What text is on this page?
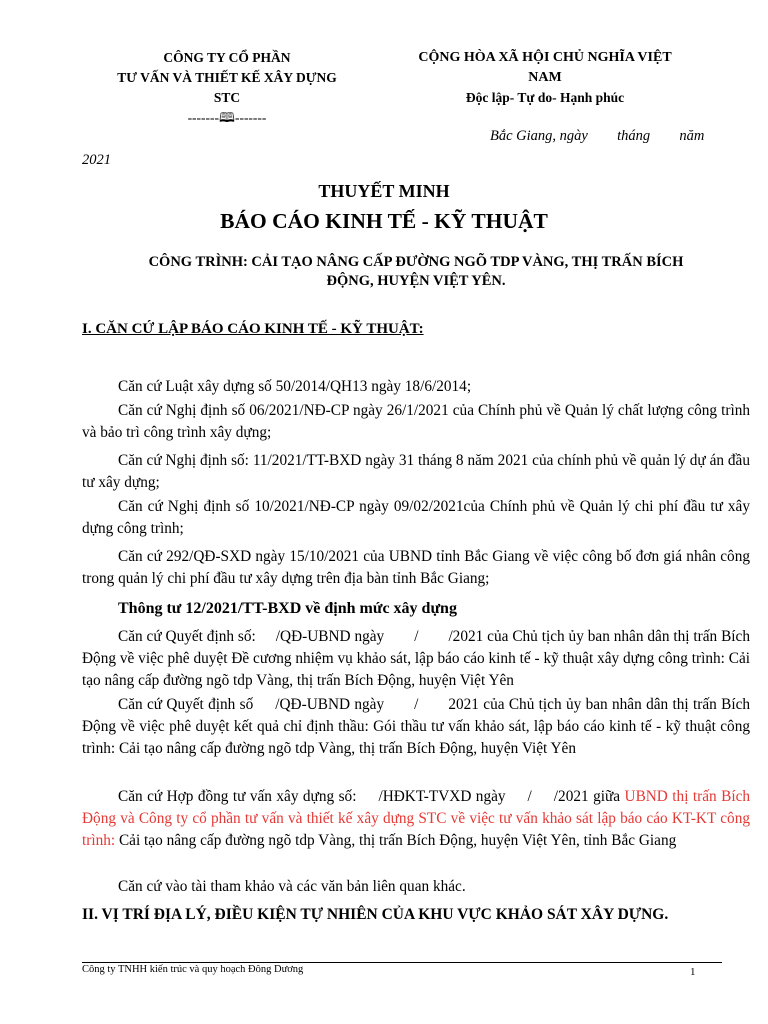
CÔNG TY CỔ PHẦN
TƯ VẤN VÀ THIẾT KẾ XÂY DỰNG
STC
-------🕮-------
CỘNG HÒA XÃ HỘI CHỦ NGHĨA VIỆT
NAM
Độc lập- Tự do- Hạnh phúc
Bắc Giang, ngày tháng năm
2021
THUYẾT MINH
BÁO CÁO KINH TẾ - KỸ THUẬT
CÔNG TRÌNH: CẢI TẠO NÂNG CẤP ĐƯỜNG NGÕ TDP VÀNG, THỊ TRẤN BÍCH
ĐỘNG, HUYỆN VIỆT YÊN.
I. CĂN CỨ LẬP BÁO CÁO KINH TẾ - KỸ THUẬT:
Căn cứ Luật xây dựng số 50/2014/QH13 ngày 18/6/2014;
Căn cứ Nghị định số 06/2021/NĐ-CP ngày 26/1/2021 của Chính phủ về Quản lý chất lượng công trình và bảo trì công trình xây dựng;
Căn cứ Nghị định số: 11/2021/TT-BXD ngày 31 tháng 8 năm 2021 của chính phủ về quản lý dự án đầu tư xây dựng;
Căn cứ Nghị định số 10/2021/NĐ-CP ngày 09/02/2021của Chính phủ về Quản lý chi phí đầu tư xây dựng công trình;
Căn cứ 292/QĐ-SXD ngày 15/10/2021 của UBND tỉnh Bắc Giang về việc công bố đơn giá nhân công trong quản lý chi phí đầu tư xây dựng trên địa bàn tỉnh Bắc Giang;
Thông tư 12/2021/TT-BXD về định mức xây dựng
Căn cứ Quyết định số: /QĐ-UBND ngày / /2021 của Chủ tịch ủy ban nhân dân thị trấn Bích Động về việc phê duyệt Đề cương nhiệm vụ khảo sát, lập báo cáo kinh tế - kỹ thuật xây dựng công trình: Cải tạo nâng cấp đường ngõ tdp Vàng, thị trấn Bích Động, huyện Việt Yên
Căn cứ Quyết định số /QĐ-UBND ngày / 2021 của Chủ tịch ủy ban nhân dân thị trấn Bích Động về việc phê duyệt kết quả chỉ định thầu: Gói thầu tư vấn khảo sát, lập báo cáo kinh tế - kỹ thuật công trình: Cải tạo nâng cấp đường ngõ tdp Vàng, thị trấn Bích Động, huyện Việt Yên
Căn cứ Hợp đồng tư vấn xây dựng số: /HĐKT-TVXD ngày / /2021 giữa UBND thị trấn Bích Động và Công ty cổ phần tư vấn và thiết kế xây dựng STC về việc tư vấn khảo sát lập báo cáo KT-KT công trình: Cải tạo nâng cấp đường ngõ tdp Vàng, thị trấn Bích Động, huyện Việt Yên, tỉnh Bắc Giang
Căn cứ vào tài tham khảo và các văn bản liên quan khác.
II. VỊ TRÍ ĐỊA LÝ, ĐIỀU KIỆN TỰ NHIÊN CỦA KHU VỰC KHẢO SÁT XÂY DỰNG.
Công ty TNHH kiến trúc và quy hoạch Đông Dương	1
